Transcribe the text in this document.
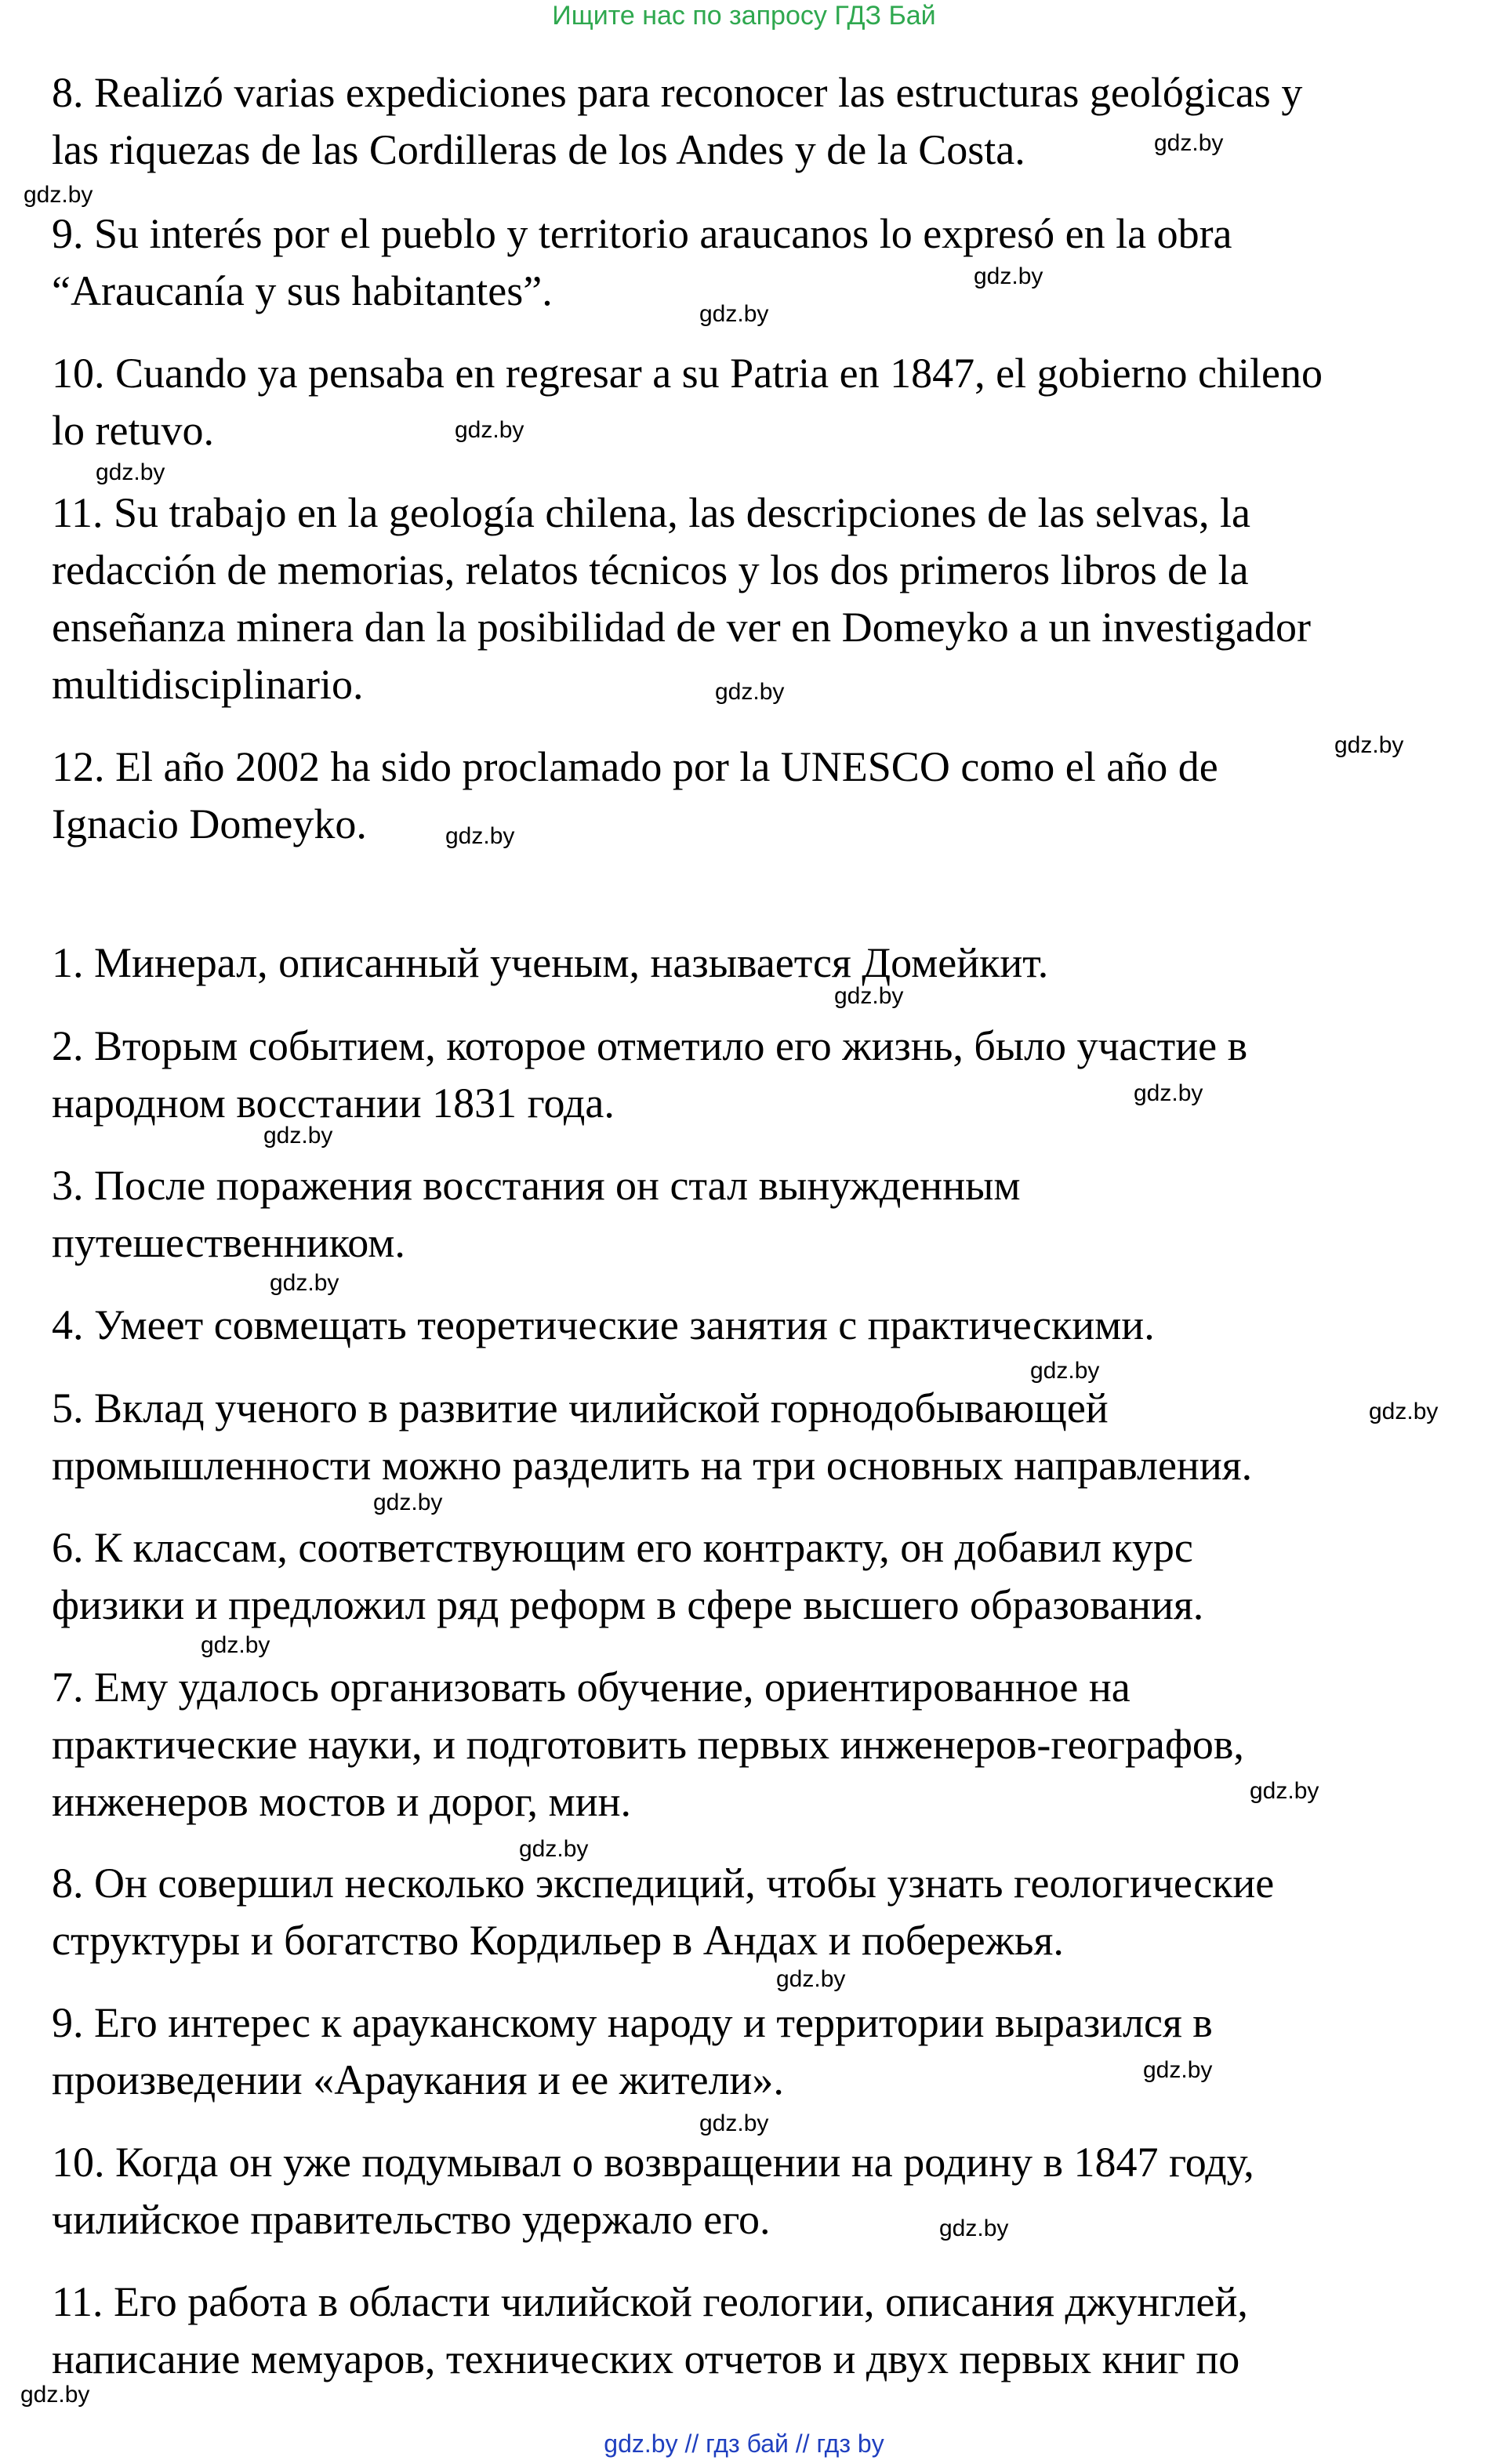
Ищите нас по запросу ГДЗ Бай
8. Realizó varias expediciones para reconocer las estructuras geológicas y
las riquezas de las Cordilleras de los Andes y de la Costa.
9. Su interés por el pueblo y territorio araucanos lo expresó en la obra
“Araucanía y sus habitantes”.
10. Cuando ya pensaba en regresar a su Patria en 1847, el gobierno chileno
lo retuvo.
11. Su trabajo en la geología chilena, las descripciones de las selvas, la
redacción de memorias, relatos técnicos y los dos primeros libros de la
enseñanza minera dan la posibilidad de ver en Domeyko a un investigador
multidisciplinario.
12. El año 2002 ha sido proclamado por la UNESCO como el año de
Ignacio Domeyko.
1. Минерал, описанный ученым, называется Домейкит.
2. Вторым событием, которое отметило его жизнь, было участие в
народном восстании 1831 года.
3. После поражения восстания он стал вынужденным
путешественником.
4. Умеет совмещать теоретические занятия с практическими.
5. Вклад ученого в развитие чилийской горнодобывающей
промышленности можно разделить на три основных направления.
6. К классам, соответствующим его контракту, он добавил курс
физики и предложил ряд реформ в сфере высшего образования.
7. Ему удалось организовать обучение, ориентированное на
практические науки, и подготовить первых инженеров-географов,
инженеров мостов и дорог, мин.
8. Он совершил несколько экспедиций, чтобы узнать геологические
структуры и богатство Кордильер в Андах и побережья.
9. Его интерес к арауканскому народу и территории выразился в
произведении «Араукания и ее жители».
10. Когда он уже подумывал о возвращении на родину в 1847 году,
чилийское правительство удержало его.
11. Его работа в области чилийской геологии, описания джунглей,
написание мемуаров, технических отчетов и двух первых книг по
gdz.by
gdz.by
gdz.by
gdz.by
gdz.by
gdz.by
gdz.by
gdz.by
gdz.by
gdz.by
gdz.by
gdz.by
gdz.by
gdz.by
gdz.by
gdz.by
gdz.by
gdz.by
gdz.by
gdz.by
gdz.by
gdz.by
gdz.by
gdz.by
gdz.by // гдз бай // гдз by
